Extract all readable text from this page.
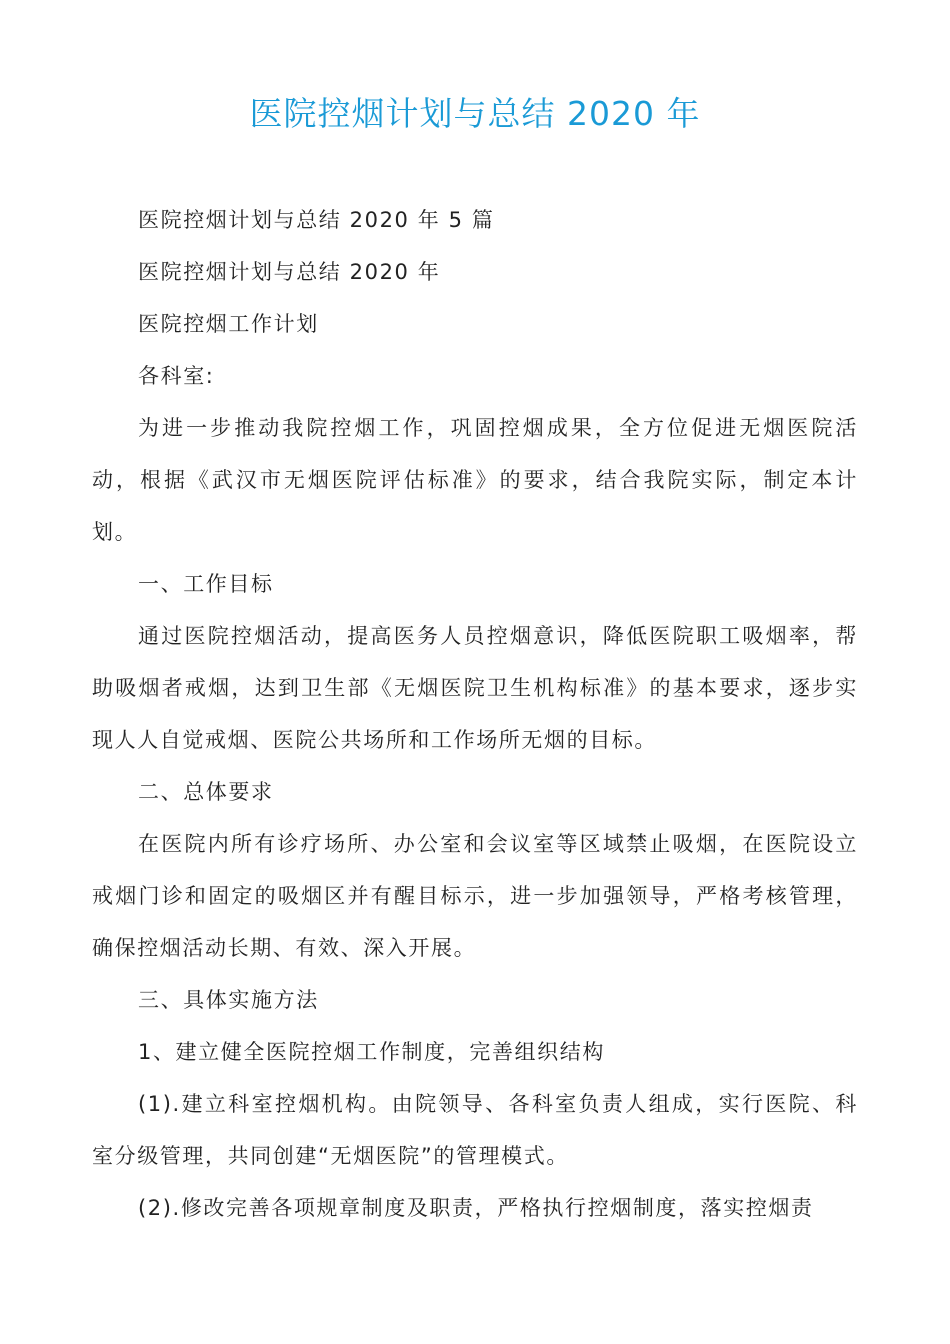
医院控烟计划与总结 2020 年

医院控烟计划与总结 2020 年 5 篇

医院控烟计划与总结 2020 年

医院控烟工作计划

各科室:

为进一步推动我院控烟工作，巩固控烟成果，全方位促进无烟医院活动，根据《武汉市无烟医院评估标准》的要求，结合我院实际，制定本计划。

一、工作目标

通过医院控烟活动，提高医务人员控烟意识，降低医院职工吸烟率，帮助吸烟者戒烟，达到卫生部《无烟医院卫生机构标准》的基本要求，逐步实现人人自觉戒烟、医院公共场所和工作场所无烟的目标。

二、总体要求

在医院内所有诊疗场所、办公室和会议室等区域禁止吸烟，在医院设立戒烟门诊和固定的吸烟区并有醒目标示，进一步加强领导，严格考核管理，确保控烟活动长期、有效、深入开展。

三、具体实施方法

1、建立健全医院控烟工作制度，完善组织结构

(1).建立科室控烟机构。由院领导、各科室负责人组成，实行医院、科室分级管理，共同创建“无烟医院”的管理模式。

(2).修改完善各项规章制度及职责，严格执行控烟制度，落实控烟责
